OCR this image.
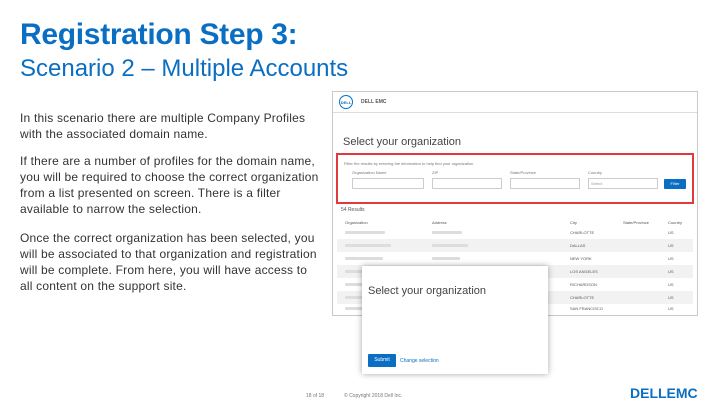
Registration Step 3:
Scenario 2 – Multiple Accounts

In this scenario there are multiple Company Profiles with the associated domain name.

If there are a number of profiles for the domain name, you will be required to choose the correct organization from a list presented on screen. There is a filter available to narrow the selection.

Once the correct organization has been selected, you will be associated to that organization and registration will be complete. From here, you will have access to all content on the support site.

DELL	DELL EMC
Select your organization
Filter the results by entering the information to help find your organization
Organization Name	ZIP	State/Province	Country
Select	Filter
54 Results
Organization	Address	City	State/Province	Country
CHARLOTTE	US
DALLAS	US
NEW YORK	US
LOS ANGELES	US
RICHARDSON	US
CHARLOTTE	US
SAN FRANCISCO	US
Select your organization
Submit	Change selection
18 of 18	© Copyright 2018 Dell Inc.	DELLEMC
